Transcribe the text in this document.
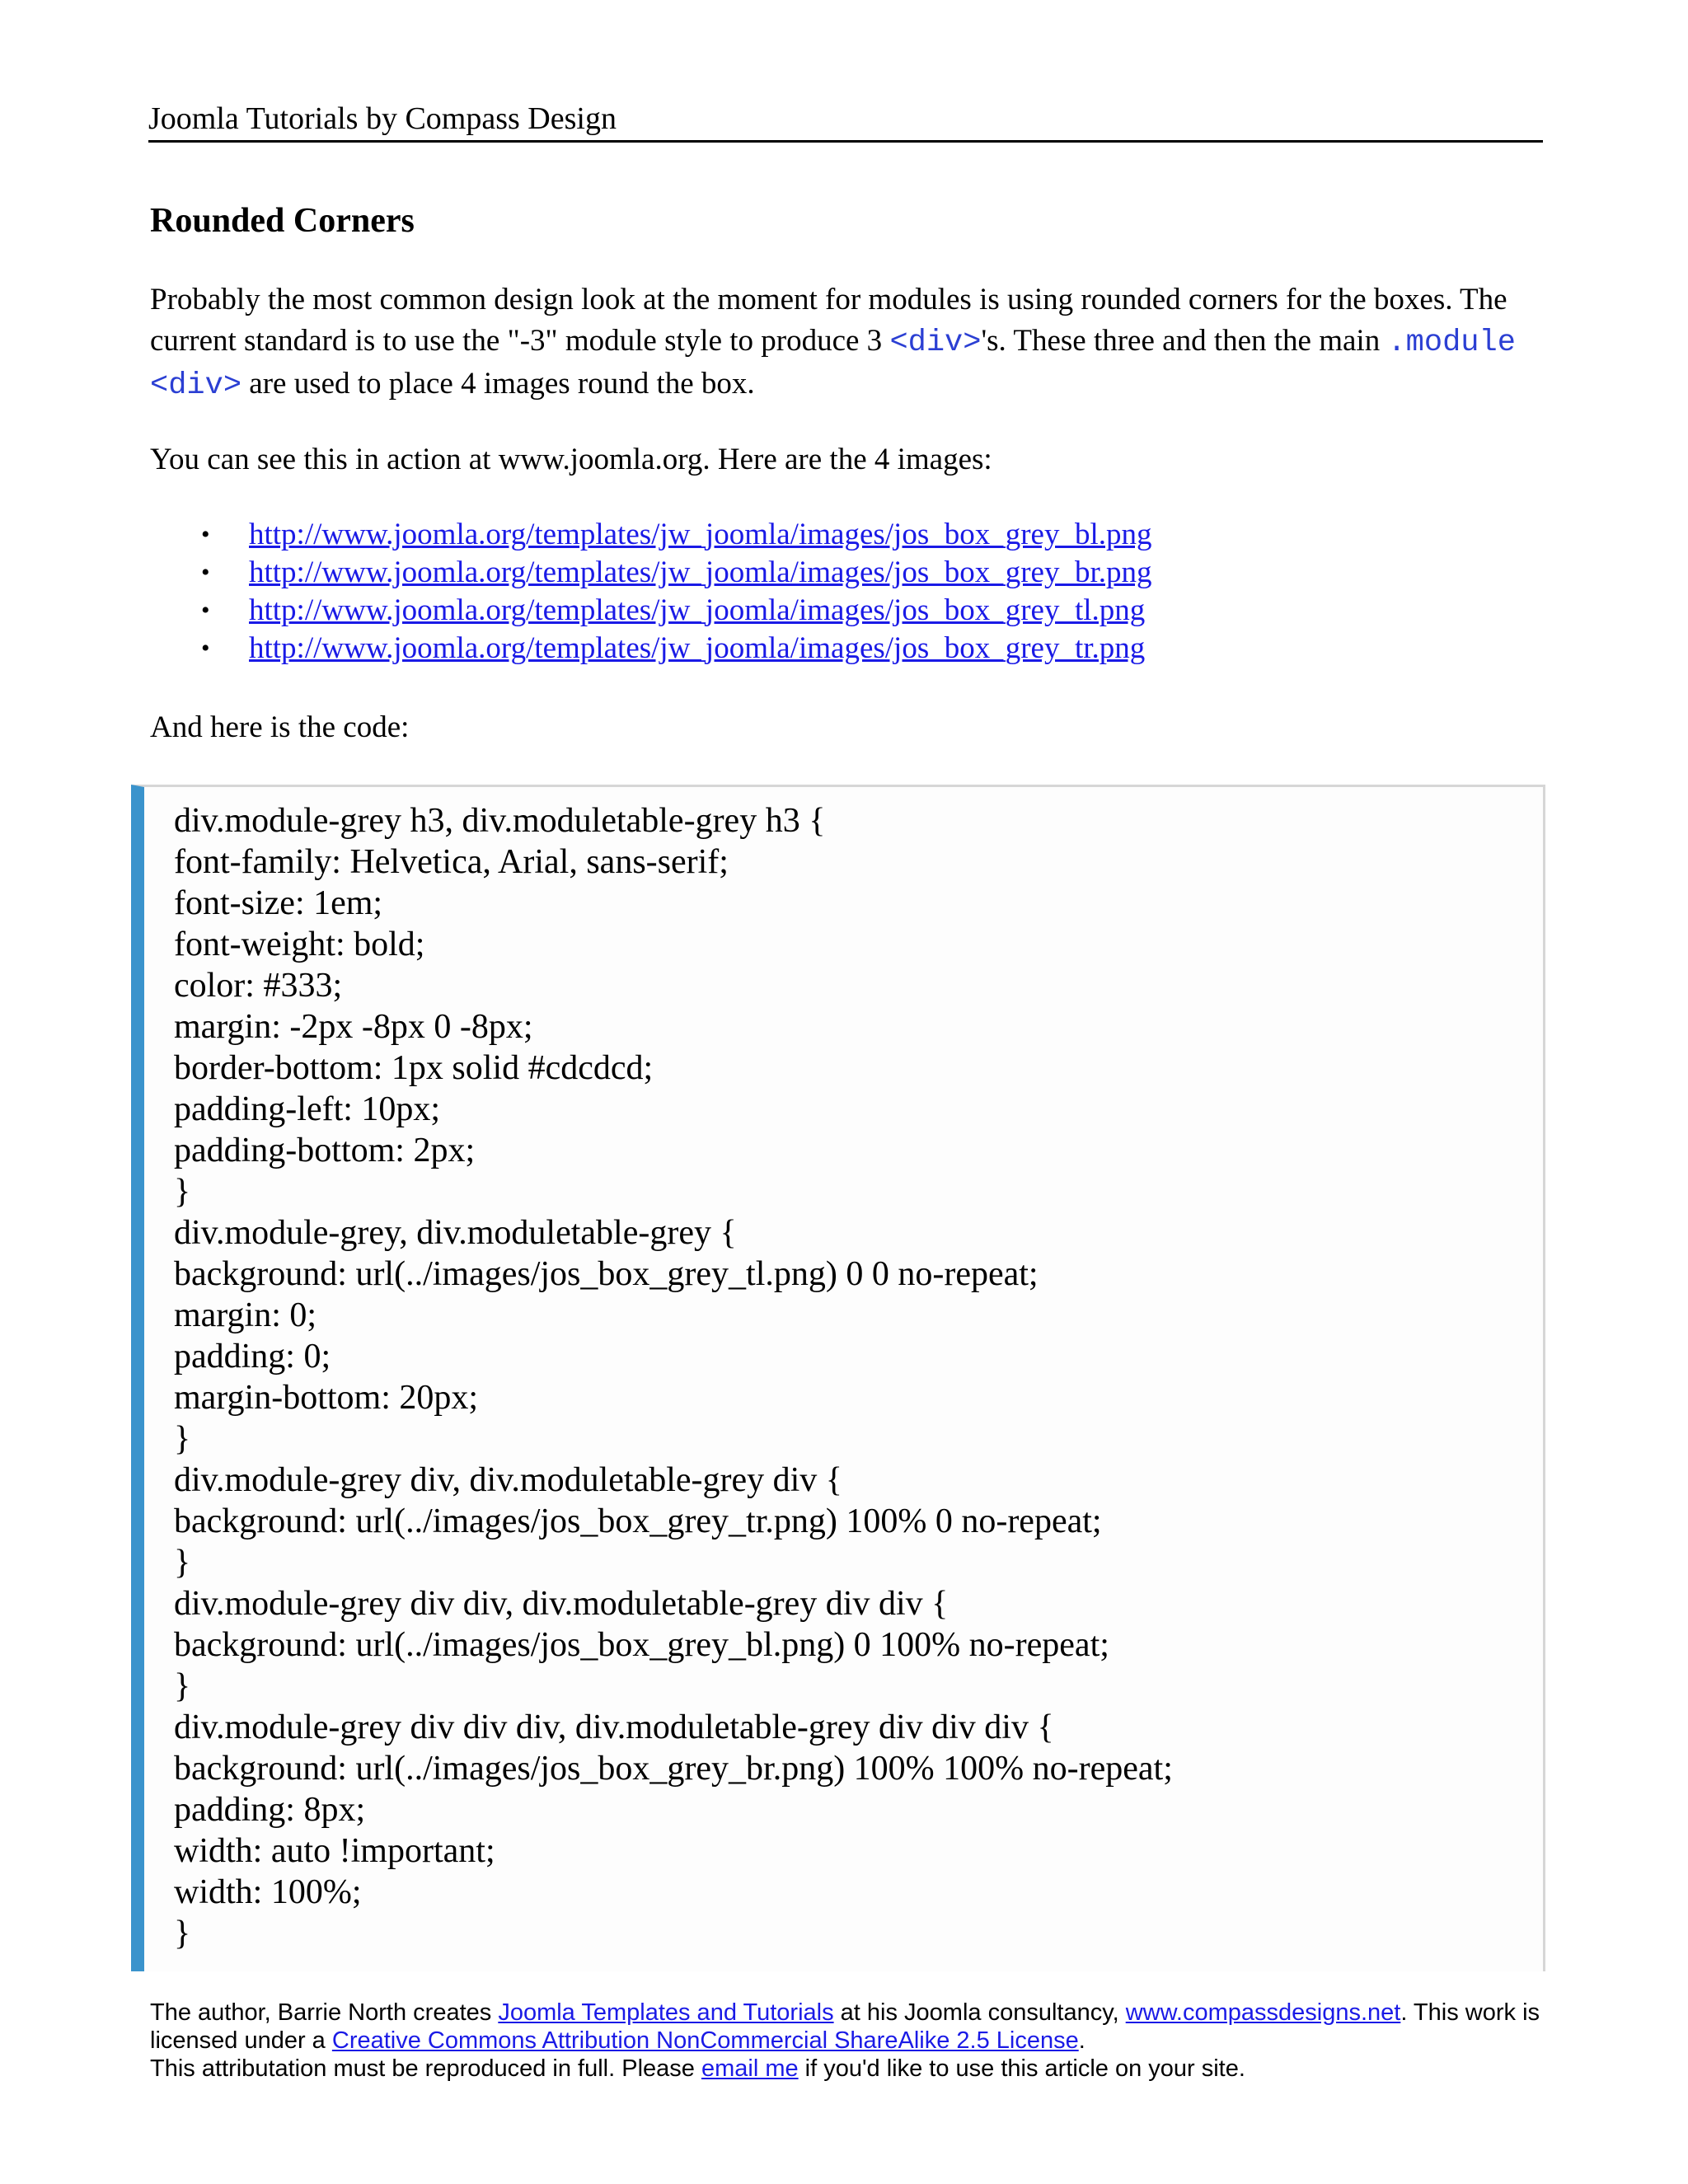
Joomla Tutorials by Compass Design
Rounded Corners
Probably the most common design look at the moment for modules is using rounded corners for the boxes. The current standard is to use the "-3" module style to produce 3 <div>'s. These three and then the main .module <div> are used to place 4 images round the box.
You can see this in action at www.joomla.org. Here are the 4 images:
• http://www.joomla.org/templates/jw_joomla/images/jos_box_grey_bl.png
• http://www.joomla.org/templates/jw_joomla/images/jos_box_grey_br.png
• http://www.joomla.org/templates/jw_joomla/images/jos_box_grey_tl.png
• http://www.joomla.org/templates/jw_joomla/images/jos_box_grey_tr.png
And here is the code:
div.module-grey h3, div.moduletable-grey h3 {
font-family: Helvetica, Arial, sans-serif;
font-size: 1em;
font-weight: bold;
color: #333;
margin: -2px -8px 0 -8px;
border-bottom: 1px solid #cdcdcd;
padding-left: 10px;
padding-bottom: 2px;
}
div.module-grey, div.moduletable-grey {
background: url(../images/jos_box_grey_tl.png) 0 0 no-repeat;
margin: 0;
padding: 0;
margin-bottom: 20px;
}
div.module-grey div, div.moduletable-grey div {
background: url(../images/jos_box_grey_tr.png) 100% 0 no-repeat;
}
div.module-grey div div, div.moduletable-grey div div {
background: url(../images/jos_box_grey_bl.png) 0 100% no-repeat;
}
div.module-grey div div div, div.moduletable-grey div div div {
background: url(../images/jos_box_grey_br.png) 100% 100% no-repeat;
padding: 8px;
width: auto !important;
width: 100%;
}
The author, Barrie North creates Joomla Templates and Tutorials at his Joomla consultancy, www.compassdesigns.net. This work is licensed under a Creative Commons Attribution NonCommercial ShareAlike 2.5 License.
This attributation must be reproduced in full. Please email me if you'd like to use this article on your site.
